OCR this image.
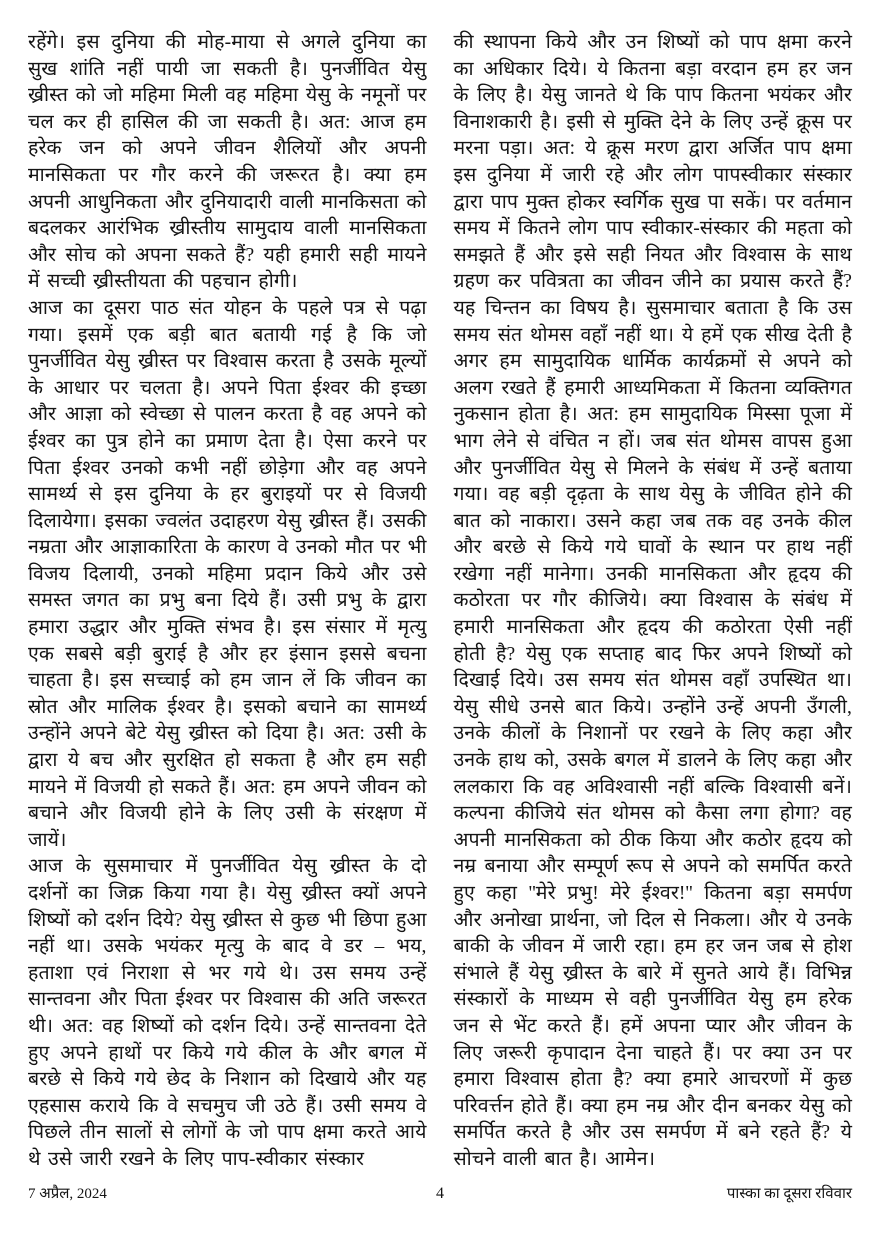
रहेंगे। इस दुनिया की मोह-माया से अगले दुनिया का सुख शांति नहीं पायी जा सकती है। पुनर्जीवित येसु ख्रीस्त को जो महिमा मिली वह महिमा येसु के नमूनों पर चल कर ही हासिल की जा सकती है। अत: आज हम हरेक जन को अपने जीवन शैलियों और अपनी मानसिकता पर गौर करने की जरूरत है। क्या हम अपनी आधुनिकता और दुनियादारी वाली मानकिसता को बदलकर आरंभिक ख्रीस्तीय सामुदाय वाली मानसिकता और सोच को अपना सकते हैं? यही हमारी सही मायने में सच्ची ख्रीस्तीयता की पहचान होगी।

आज का दूसरा पाठ संत योहन के पहले पत्र से पढ़ा गया। इसमें एक बड़ी बात बतायी गई है कि जो पुनर्जीवित येसु ख्रीस्त पर विश्वास करता है उसके मूल्यों के आधार पर चलता है। अपने पिता ईश्वर की इच्छा और आज्ञा को स्वेच्छा से पालन करता है वह अपने को ईश्वर का पुत्र होने का प्रमाण देता है। ऐसा करने पर पिता ईश्वर उनको कभी नहीं छोड़ेगा और वह अपने सामर्थ्य से इस दुनिया के हर बुराइयों पर से विजयी दिलायेगा। इसका ज्वलंत उदाहरण येसु ख्रीस्त हैं। उसकी नम्रता और आज्ञाकारिता के कारण वे उनको मौत पर भी विजय दिलायी, उनको महिमा प्रदान किये और उसे समस्त जगत का प्रभु बना दिये हैं। उसी प्रभु के द्वारा हमारा उद्धार और मुक्ति संभव है। इस संसार में मृत्यु एक सबसे बड़ी बुराई है और हर इंसान इससे बचना चाहता है। इस सच्चाई को हम जान लें कि जीवन का स्रोत और मालिक ईश्वर है। इसको बचाने का सामर्थ्य उन्होंने अपने बेटे येसु ख्रीस्त को दिया है। अत: उसी के द्वारा ये बच और सुरक्षित हो सकता है और हम सही मायने में विजयी हो सकते हैं। अत: हम अपने जीवन को बचाने और विजयी होने के लिए उसी के संरक्षण में जायें।

आज के सुसमाचार में पुनर्जीवित येसु ख्रीस्त के दो दर्शनों का जिक्र किया गया है। येसु ख्रीस्त क्यों अपने शिष्यों को दर्शन दिये? येसु ख्रीस्त से कुछ भी छिपा हुआ नहीं था। उसके भयंकर मृत्यु के बाद वे डर – भय, हताशा एवं निराशा से भर गये थे। उस समय उन्हें सान्तवना और पिता ईश्वर पर विश्वास की अति जरूरत थी। अत: वह शिष्यों को दर्शन दिये। उन्हें सान्तवना देते हुए अपने हाथों पर किये गये कील के और बगल में बरछे से किये गये छेद के निशान को दिखाये और यह एहसास कराये कि वे सचमुच जी उठे हैं। उसी समय वे पिछले तीन सालों से लोगों के जो पाप क्षमा करते आये थे उसे जारी रखने के लिए पाप-स्वीकार संस्कार

की स्थापना किये और उन शिष्यों को पाप क्षमा करने का अधिकार दिये। ये कितना बड़ा वरदान हम हर जन के लिए है। येसु जानते थे कि पाप कितना भयंकर और विनाशकारी है। इसी से मुक्ति देने के लिए उन्हें क्रूस पर मरना पड़ा। अत: ये क्रूस मरण द्वारा अर्जित पाप क्षमा इस दुनिया में जारी रहे और लोग पापस्वीकार संस्कार द्वारा पाप मुक्त होकर स्वर्गिक सुख पा सकें। पर वर्तमान समय में कितने लोग पाप स्वीकार-संस्कार की महता को समझते हैं और इसे सही नियत और विश्वास के साथ ग्रहण कर पवित्रता का जीवन जीने का प्रयास करते हैं? यह चिन्तन का विषय है। सुसमाचार बताता है कि उस समय संत थोमस वहाँ नहीं था। ये हमें एक सीख देती है अगर हम सामुदायिक धार्मिक कार्यक्रमों से अपने को अलग रखते हैं हमारी आध्यमिकता में कितना व्यक्तिगत नुकसान होता है। अत: हम सामुदायिक मिस्सा पूजा में भाग लेने से वंचित न हों। जब संत थोमस वापस हुआ और पुनर्जीवित येसु से मिलने के संबंध में उन्हें बताया गया। वह बड़ी दृढ़ता के साथ येसु के जीवित होने की बात को नाकारा। उसने कहा जब तक वह उनके कील और बरछे से किये गये घावों के स्थान पर हाथ नहीं रखेगा नहीं मानेगा। उनकी मानसिकता और हृदय की कठोरता पर गौर कीजिये। क्या विश्वास के संबंध में हमारी मानसिकता और हृदय की कठोरता ऐसी नहीं होती है? येसु एक सप्ताह बाद फिर अपने शिष्यों को दिखाई दिये। उस समय संत थोमस वहाँ उपस्थित था। येसु सीधे उनसे बात किये। उन्होंने उन्हें अपनी उँगली, उनके कीलों के निशानों पर रखने के लिए कहा और उनके हाथ को, उसके बगल में डालने के लिए कहा और ललकारा कि वह अविश्वासी नहीं बल्कि विश्वासी बनें। कल्पना कीजिये संत थोमस को कैसा लगा होगा? वह अपनी मानसिकता को ठीक किया और कठोर हृदय को नम्र बनाया और सम्पूर्ण रूप से अपने को समर्पित करते हुए कहा ''मेरे प्रभु! मेरे ईश्वर!'' कितना बड़ा समर्पण और अनोखा प्रार्थना, जो दिल से निकला। और ये उनके बाकी के जीवन में जारी रहा। हम हर जन जब से होश संभाले हैं येसु ख्रीस्त के बारे में सुनते आये हैं। विभिन्न संस्कारों के माध्यम से वही पुनर्जीवित येसु हम हरेक जन से भेंट करते हैं। हमें अपना प्यार और जीवन के लिए जरूरी कृपादान देना चाहते हैं। पर क्या उन पर हमारा विश्वास होता है? क्या हमारे आचरणों में कुछ परिवर्त्तन होते हैं। क्या हम नम्र और दीन बनकर येसु को समर्पित करते है और उस समर्पण में बने रहते हैं? ये सोचने वाली बात है। आमेन।

7 अप्रैल, 2024	4	पास्का का दूसरा रविवार
